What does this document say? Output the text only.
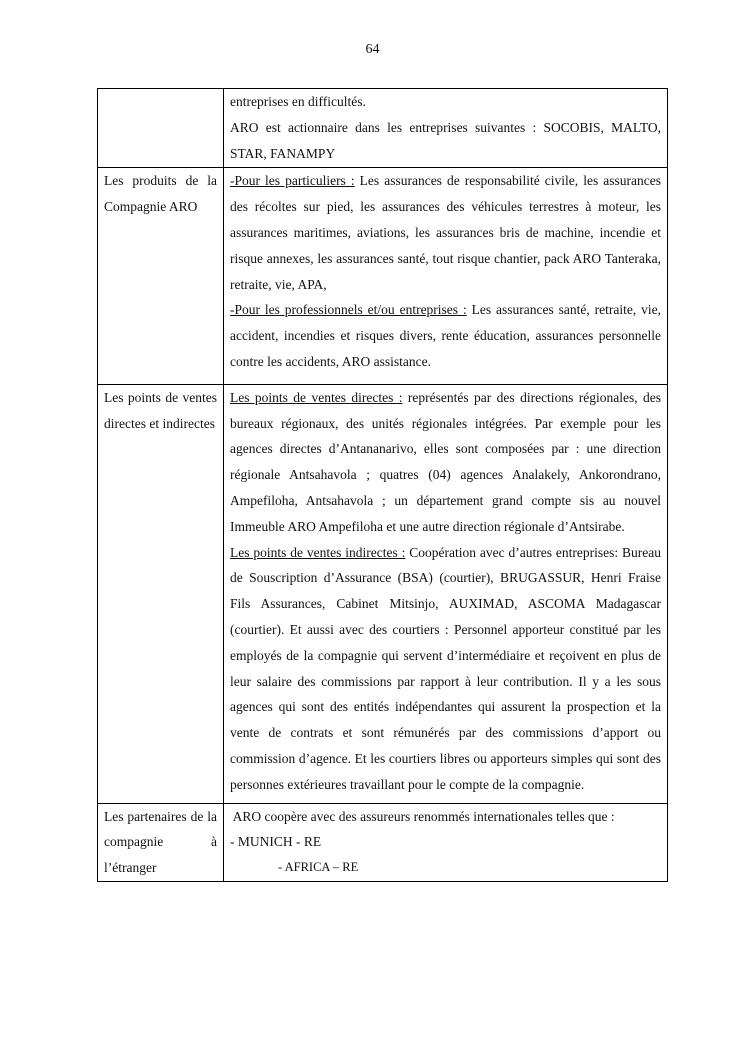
64

	entreprises en difficultés.

ARO est actionnaire dans les entreprises suivantes : SOCOBIS, MALTO, STAR, FANAMPY

Les produits de la Compagnie ARO	-Pour les particuliers : Les assurances de responsabilité civile, les assurances des récoltes sur pied, les assurances des véhicules terrestres à moteur, les assurances maritimes, aviations, les assurances bris de machine, incendie et risque annexes, les assurances santé, tout risque chantier, pack ARO Tanteraka, retraite, vie, APA,

-Pour les professionnels et/ou entreprises : Les assurances santé, retraite, vie, accident, incendies et risques divers, rente éducation, assurances personnelle contre les accidents, ARO assistance.

Les points de ventes directes et indirectes	Les points de ventes directes : représentés par des directions régionales, des bureaux régionaux, des unités régionales intégrées. Par exemple pour les agences directes d’Antananarivo, elles sont composées par : une direction régionale Antsahavola ; quatres (04) agences Analakely, Ankorondrano, Ampefiloha, Antsahavola ; un département grand compte sis au nouvel Immeuble ARO Ampefiloha et une autre direction régionale d’Antsirabe.

Les points de ventes indirectes : Coopération avec d’autres entreprises: Bureau de Souscription d’Assurance (BSA) (courtier), BRUGASSUR, Henri Fraise Fils Assurances, Cabinet Mitsinjo, AUXIMAD, ASCOMA Madagascar (courtier). Et aussi avec des courtiers : Personnel apporteur constitué par les employés de la compagnie qui servent d’intermédiaire et reçoivent en plus de leur salaire des commissions par rapport à leur contribution. Il y a les sous agences qui sont des entités indépendantes qui assurent la prospection et la vente de contrats et sont rémunérés par des commissions d’apport ou commission d’agence. Et les courtiers libres ou apporteurs simples qui sont des personnes extérieures travaillant pour le compte de la compagnie.

Les partenaires de la compagnie à l’étranger	ARO coopère avec des assureurs renommés internationales telles que :

- MUNICH - RE

- AFRICA – RE
